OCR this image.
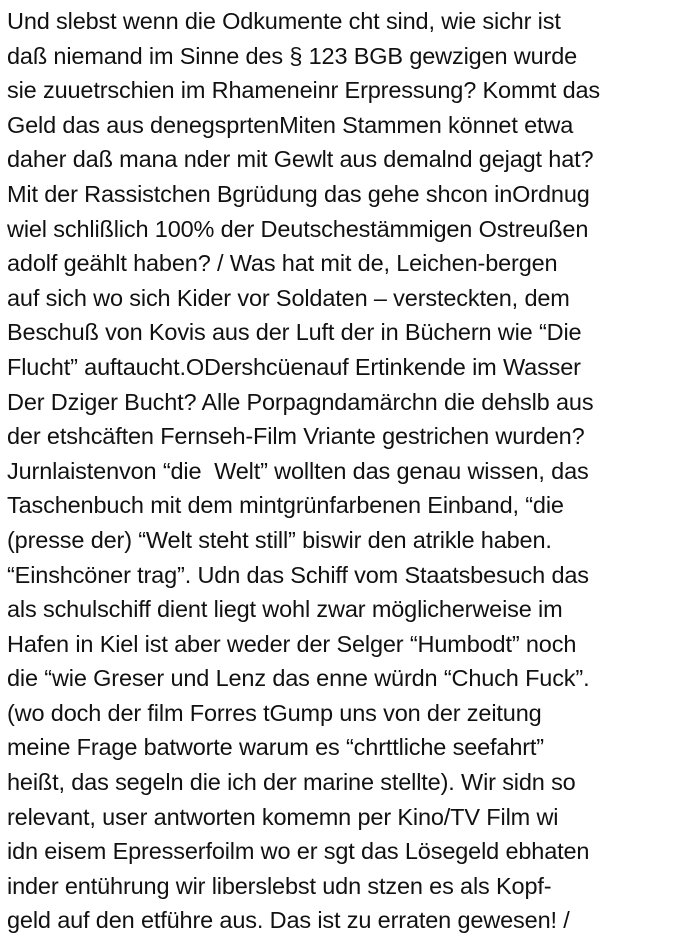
Und slebst wenn die Odkumente cht sind, wie sichr ist
daß niemand im Sinne des § 123 BGB gewzigen wurde
sie zuuetrschien im Rhameneinr Erpressung? Kommt das
Geld das aus denegsprtenMiten Stammen könnet etwa
daher daß mana nder mit Gewlt aus demalnd gejagt hat?
Mit der Rassistchen Bgrüdung das gehe shcon inOrdnug
wiel schlißlich 100% der Deutschestämmigen Ostreußen
adolf geählt haben? / Was hat mit de, Leichen-bergen
auf sich wo sich Kider vor Soldaten – versteckten, dem
Beschuß von Kovis aus der Luft der in Büchern wie “Die
Flucht” auftaucht.ODershcüenauf Ertinkende im Wasser
Der Dziger Bucht? Alle Porpagndamärchn die dehslb aus
der etshcäften Fernseh-Film Vriante gestrichen wurden?
Jurnlaistenvon “die  Welt” wollten das genau wissen, das
Taschenbuch mit dem mintgrünfarbenen Einband, “die
(presse der) “Welt steht still” biswir den atrikle haben.
“Einshcöner trag”. Udn das Schiff vom Staatsbesuch das
als schulschiff dient liegt wohl zwar möglicherweise im
Hafen in Kiel ist aber weder der Selger “Humbodt” noch
die “wie Greser und Lenz das enne würdn “Chuch Fuck”.
(wo doch der film Forres tGump uns von der zeitung
meine Frage batworte warum es “chrttliche seefahrt”
heißt, das segeln die ich der marine stellte). Wir sidn so
relevant, user antworten komemn per Kino/TV Film wi
idn eisem Epresserfoilm wo er sgt das Lösegeld ebhaten
inder entührung wir liberslebst udn stzen es als Kopf-
geld auf den etführe aus. Das ist zu erraten gewesen! /
